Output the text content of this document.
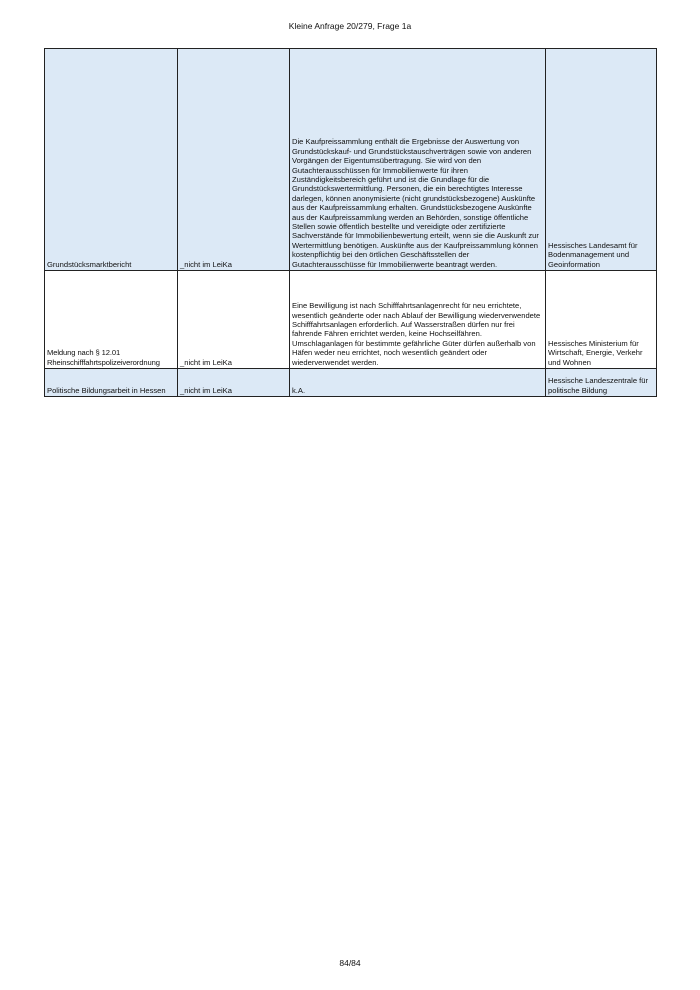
Kleine Anfrage 20/279, Frage 1a
Grundstücksmarktbericht	_nicht im LeiKa	Die Kaufpreissammlung enthält die Ergebnisse der Auswertung von Grundstückskauf- und Grundstückstauschverträgen sowie von anderen Vorgängen der Eigentumsübertragung. Sie wird von den Gutachterausschüssen für Immobilienwerte für ihren Zuständigkeitsbereich geführt und ist die Grundlage für die Grundstückswertermittlung. Personen, die ein berechtigtes Interesse darlegen, können anonymisierte (nicht grundstücksbezogene) Auskünfte aus der Kaufpreissammlung erhalten. Grundstücksbezogene Auskünfte aus der Kaufpreissammlung werden an Behörden, sonstige öffentliche Stellen sowie öffentlich bestellte und vereidigte oder zertifizierte Sachverstände für Immobilienbewertung erteilt, wenn sie die Auskunft zur Wertermittlung benötigen. Auskünfte aus der Kaufpreissammlung können kostenpflichtig bei den örtlichen Geschäftsstellen der Gutachterausschüsse für Immobilienwerte beantragt werden.	Hessisches Landesamt für Bodenmanagement und Geoinformation

Meldung nach § 12.01 Rheinschifffahrtspolizeiverordnung	_nicht im LeiKa	Eine Bewilligung ist nach Schifffahrtsanlagenrecht für neu errichtete, wesentlich geänderte oder nach Ablauf der Bewilligung wiederverwendete Schifffahrtsanlagen erforderlich. Auf Wasserstraßen dürfen nur frei fahrende Fähren errichtet werden, keine Hochseilfähren. Umschlaganlagen für bestimmte gefährliche Güter dürfen außerhalb von Häfen weder neu errichtet, noch wesentlich geändert oder wiederverwendet werden.	Hessisches Ministerium für Wirtschaft, Energie, Verkehr und Wohnen
Politische Bildungsarbeit in Hessen	_nicht im LeiKa	k.A.	Hessische Landeszentrale für politische Bildung
84/84
